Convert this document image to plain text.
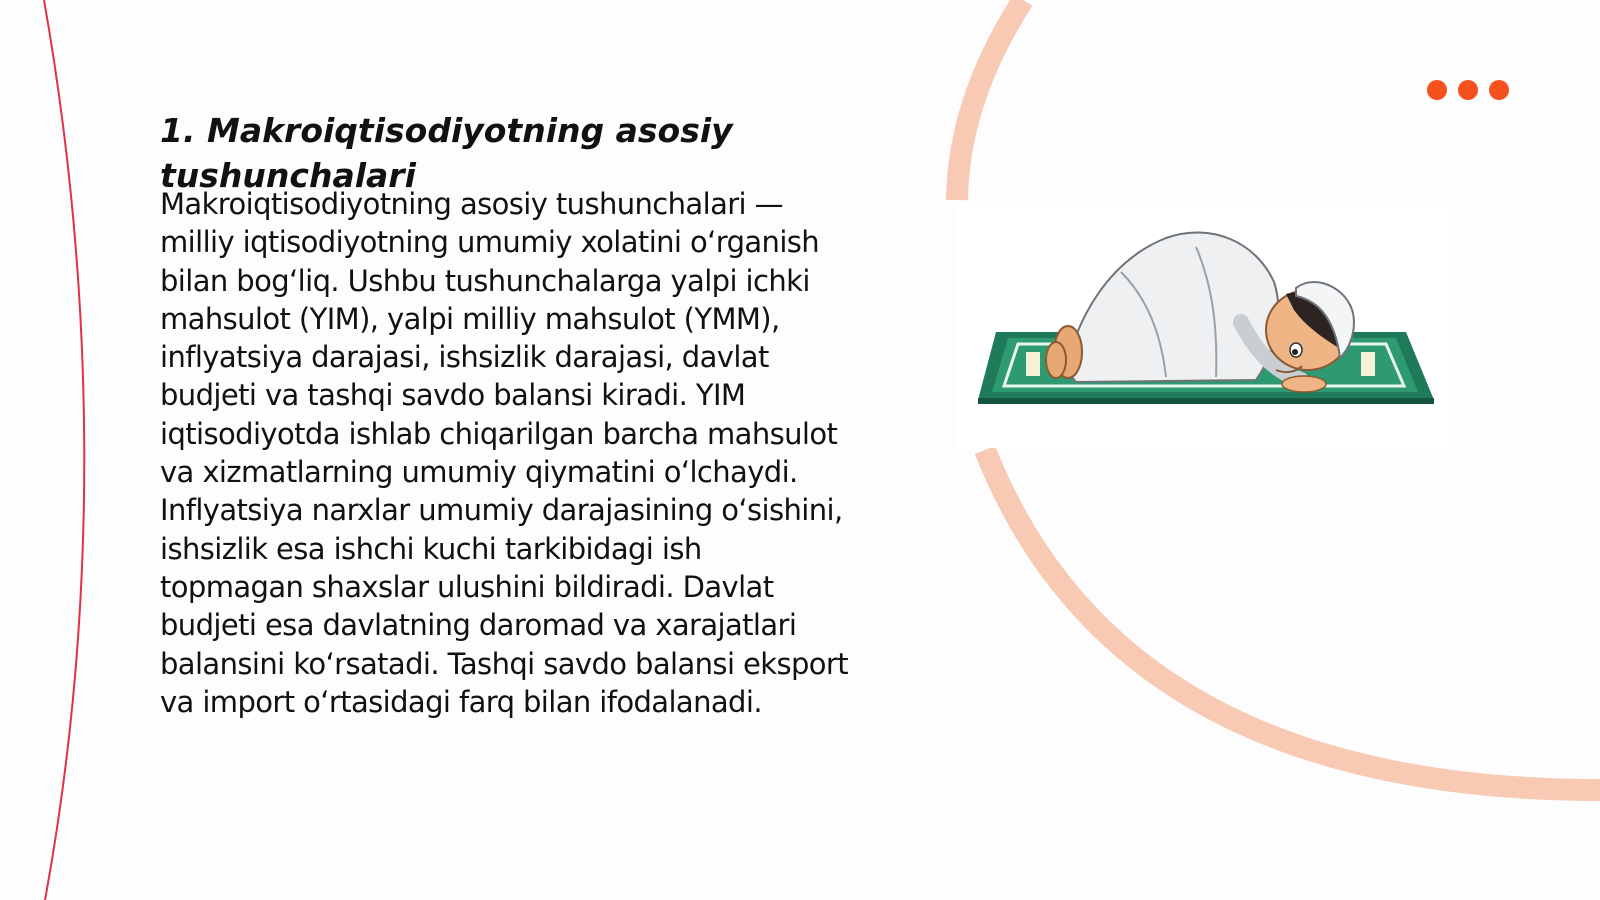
1. Makroiqtisodiyotning asosiy tushunchalari

Makroiqtisodiyotning asosiy tushunchalari — milliy iqtisodiyotning umumiy xolatini oʻrganish bilan bogʻliq. Ushbu tushunchalarga yalpi ichki mahsulot (YIM), yalpi milliy mahsulot (YMM), inflyatsiya darajasi, ishsizlik darajasi, davlat budjeti va tashqi savdo balansi kiradi. YIM iqtisodiyotda ishlab chiqarilgan barcha mahsulot va xizmatlarning umumiy qiymatini oʻlchaydi. Inflyatsiya narxlar umumiy darajasining oʻsishini, ishsizlik esa ishchi kuchi tarkibidagi ish topmagan shaxslar ulushini bildiradi. Davlat budjeti esa davlatning daromad va xarajatlari balansini koʻrsatadi. Tashqi savdo balansi eksport va import oʻrtasidagi farq bilan ifodalanadi.
